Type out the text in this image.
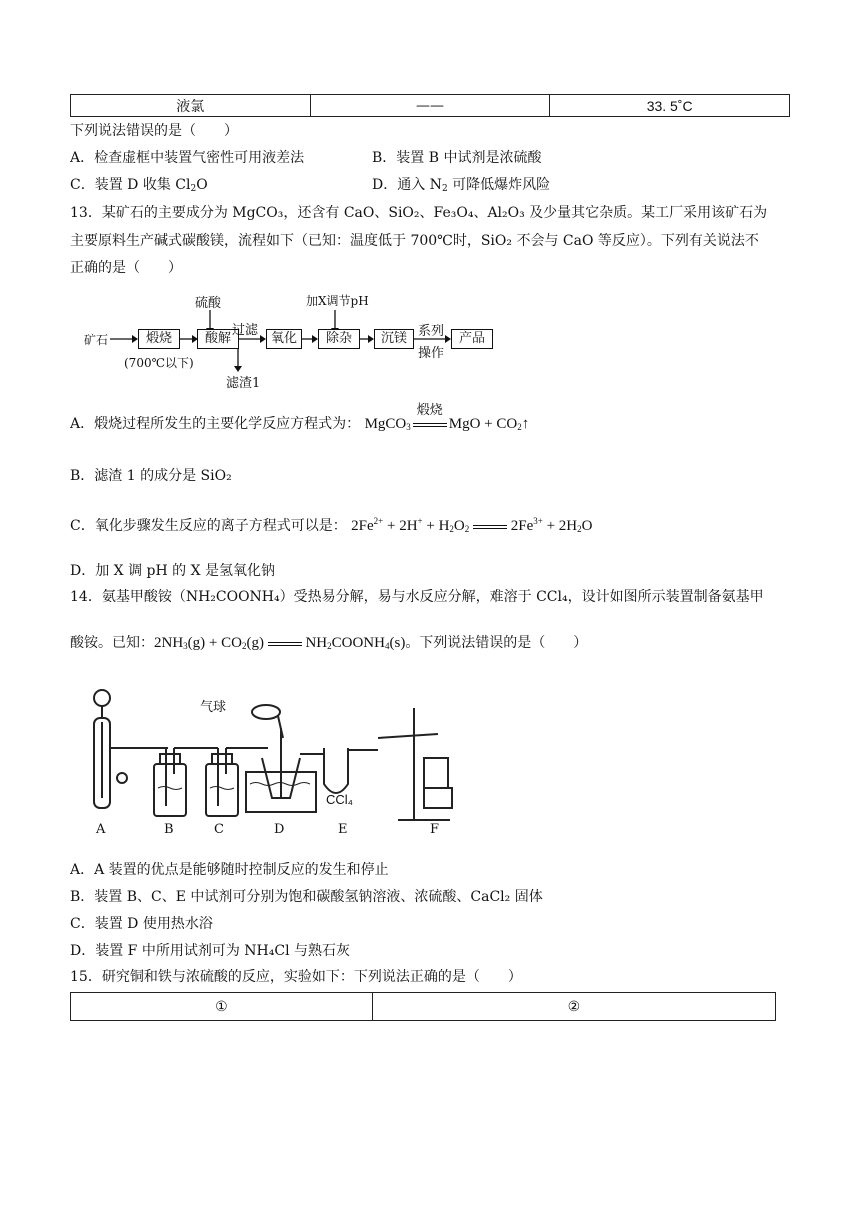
液氯	——	33. 5˚C
下列说法错误的是（　　）
A．检查虚框中装置气密性可用液差法	B．装置 B 中试剂是浓硫酸
C．装置 D 收集 $Cl_2O$	D．通入 $N_2$ 可降低爆炸风险
13．某矿石的主要成分为 MgCO₃，还含有 CaO、SiO₂、Fe₃O₄、Al₂O₃ 及少量其它杂质。某工厂采用该矿石为
主要原料生产碱式碳酸镁，流程如下（已知：温度低于 700℃时，SiO₂ 不会与 CaO 等反应）。下列有关说法不
正确的是（　　）
矿石	煅烧
(700℃以下)
硫酸
酸解
过滤
滤渣1
氧化
加X调节pH
除杂	沉镁 系列
操作
产品
A．煅烧过程所发生的主要化学反应方程式为： MgCO$_3$
煅烧
MgO + $CO_2↑$
B．滤渣 1 的成分是 SiO₂
C．氧化步骤发生反应的离子方程式可以是： $2Fe^{2+} + 2H^+ + H_2O_2$	$2Fe^{3+} + 2H_2O$
D．加 X 调 pH 的 X 是氢氧化钠
14．氨基甲酸铵（NH₂COONH₄）受热易分解，易与水反应分解，难溶于 CCl₄，设计如图所示装置制备氨基甲
酸铵。已知：$2NH_3(g) + CO_2(g)$  $NH_2COONH_4(s)$。下列说法错误的是（　　）
气球
CCl₄
A	B	C	D	E	F
A．A 装置的优点是能够随时控制反应的发生和停止
B．装置 B、C、E 中试剂可分别为饱和碳酸氢钠溶液、浓硫酸、CaCl₂ 固体
C．装置 D 使用热水浴
D．装置 F 中所用试剂可为 NH₄Cl 与熟石灰
15．研究铜和铁与浓硫酸的反应，实验如下：下列说法正确的是（　　）
①	②
